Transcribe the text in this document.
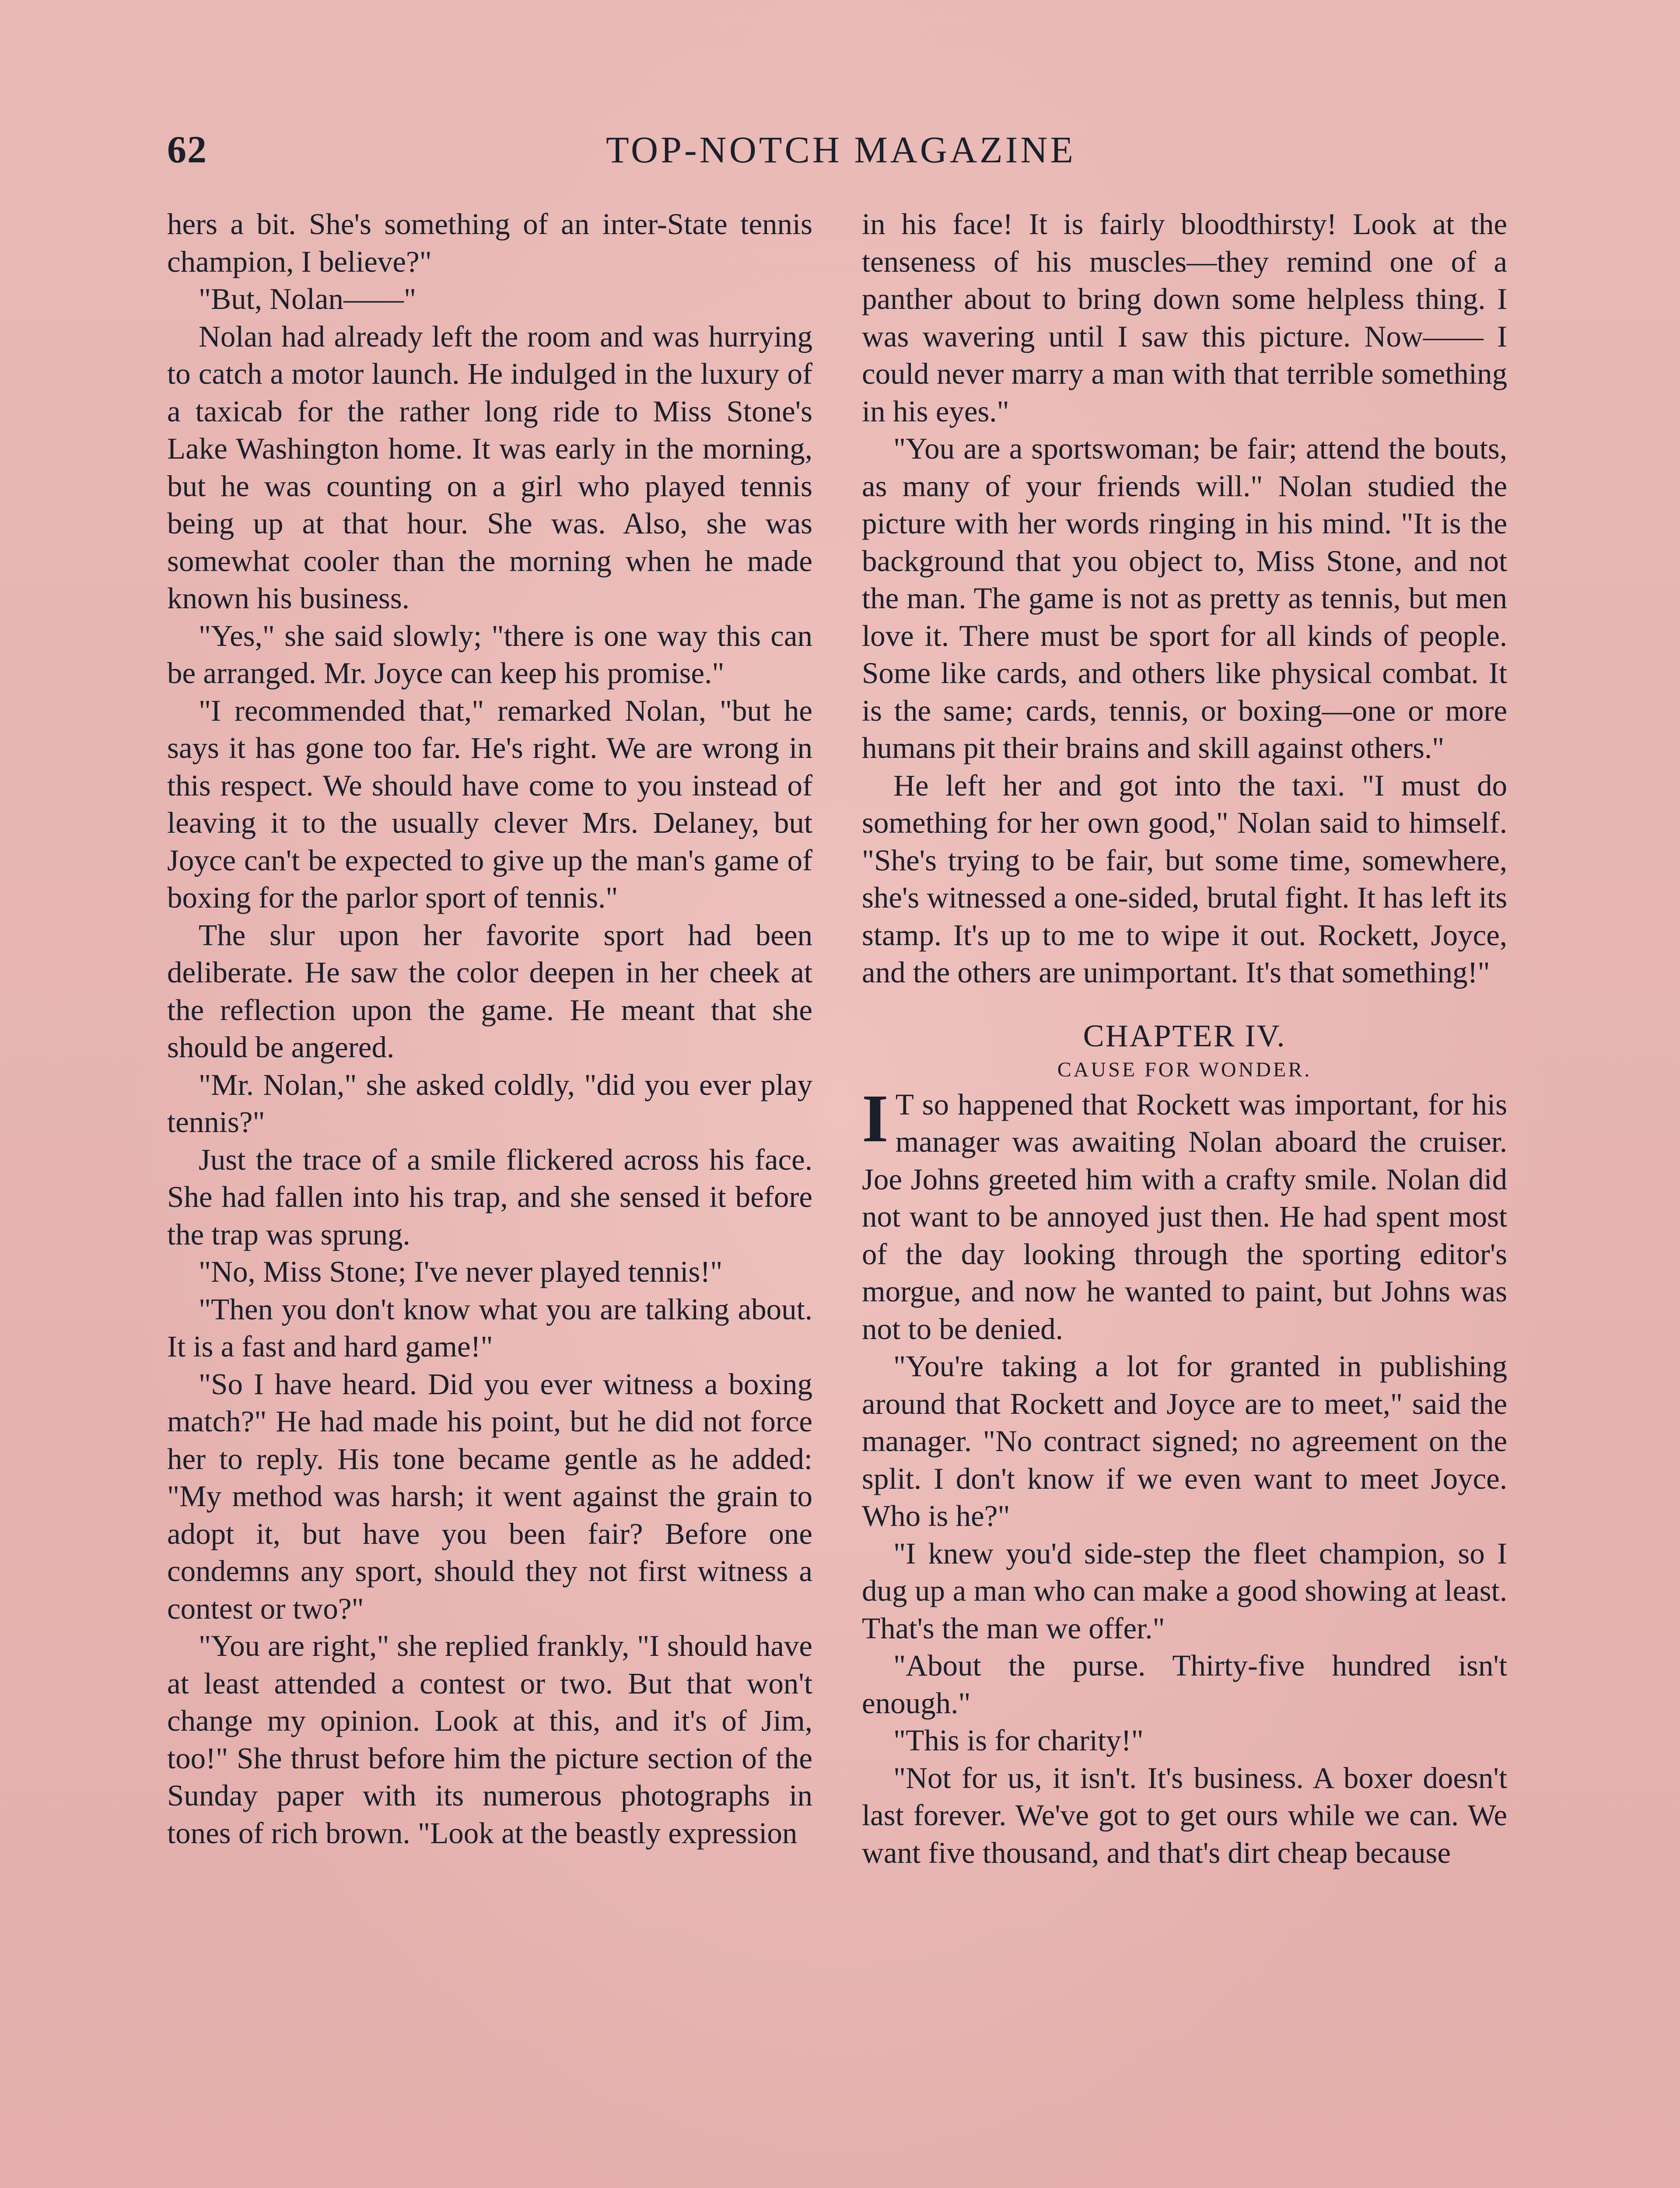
62	TOP-NOTCH MAGAZINE

hers a bit. She's something of an inter-State tennis champion, I believe?"

"But, Nolan——"

Nolan had already left the room and was hurrying to catch a motor launch. He indulged in the luxury of a taxicab for the rather long ride to Miss Stone's Lake Washington home. It was early in the morning, but he was counting on a girl who played tennis being up at that hour. She was. Also, she was somewhat cooler than the morning when he made known his business.

"Yes," she said slowly; "there is one way this can be arranged. Mr. Joyce can keep his promise."

"I recommended that," remarked Nolan, "but he says it has gone too far. He's right. We are wrong in this respect. We should have come to you instead of leaving it to the usually clever Mrs. Delaney, but Joyce can't be expected to give up the man's game of boxing for the parlor sport of tennis."

The slur upon her favorite sport had been deliberate. He saw the color deepen in her cheek at the reflection upon the game. He meant that she should be angered.

"Mr. Nolan," she asked coldly, "did you ever play tennis?"

Just the trace of a smile flickered across his face. She had fallen into his trap, and she sensed it before the trap was sprung.

"No, Miss Stone; I've never played tennis!"

"Then you don't know what you are talking about. It is a fast and hard game!"

"So I have heard. Did you ever witness a boxing match?" He had made his point, but he did not force her to reply. His tone became gentle as he added: "My method was harsh; it went against the grain to adopt it, but have you been fair? Before one condemns any sport, should they not first witness a contest or two?"

"You are right," she replied frankly, "I should have at least attended a contest or two. But that won't change my opinion. Look at this, and it's of Jim, too!" She thrust before him the picture section of the Sunday paper with its numerous photographs in tones of rich brown. "Look at the beastly expression

in his face! It is fairly bloodthirsty! Look at the tenseness of his muscles—they remind one of a panther about to bring down some helpless thing. I was wavering until I saw this picture. Now—— I could never marry a man with that terrible something in his eyes."

"You are a sportswoman; be fair; attend the bouts, as many of your friends will." Nolan studied the picture with her words ringing in his mind. "It is the background that you object to, Miss Stone, and not the man. The game is not as pretty as tennis, but men love it. There must be sport for all kinds of people. Some like cards, and others like physical combat. It is the same; cards, tennis, or boxing—one or more humans pit their brains and skill against others."

He left her and got into the taxi. "I must do something for her own good," Nolan said to himself. "She's trying to be fair, but some time, somewhere, she's witnessed a one-sided, brutal fight. It has left its stamp. It's up to me to wipe it out. Rockett, Joyce, and the others are unimportant. It's that something!"

CHAPTER IV.
CAUSE FOR WONDER.

I T so happened that Rockett was important, for his manager was awaiting Nolan aboard the cruiser. Joe Johns greeted him with a crafty smile. Nolan did not want to be annoyed just then. He had spent most of the day looking through the sporting editor's morgue, and now he wanted to paint, but Johns was not to be denied.

"You're taking a lot for granted in publishing around that Rockett and Joyce are to meet," said the manager. "No contract signed; no agreement on the split. I don't know if we even want to meet Joyce. Who is he?"

"I knew you'd side-step the fleet champion, so I dug up a man who can make a good showing at least. That's the man we offer."

"About the purse. Thirty-five hundred isn't enough."

"This is for charity!"

"Not for us, it isn't. It's business. A boxer doesn't last forever. We've got to get ours while we can. We want five thousand, and that's dirt cheap because
